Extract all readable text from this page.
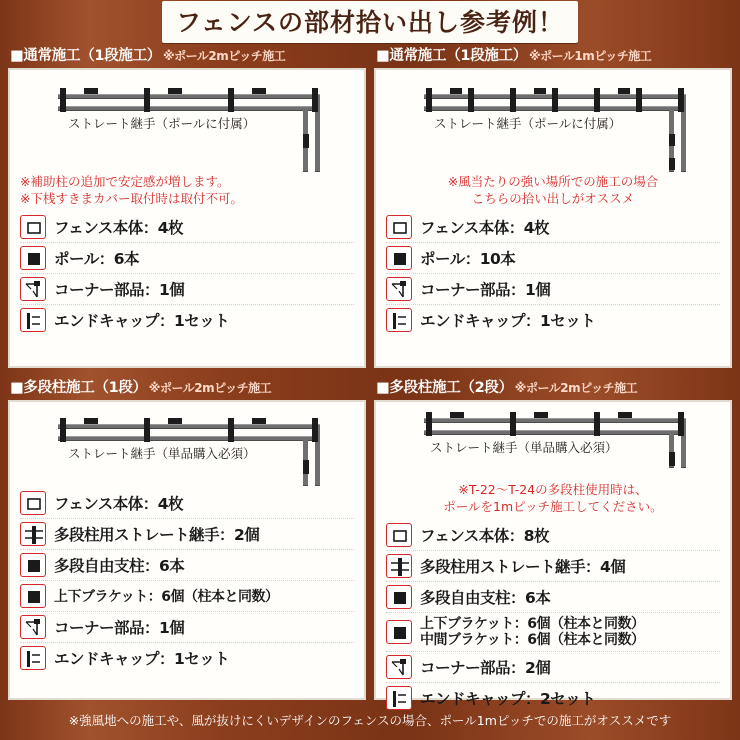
フェンスの部材拾い出し参考例！
■通常施工（1段施工） ※ポール2mピッチ施工
ストレート継手（ポールに付属）
※補助柱の追加で安定感が増します。
※下桟すきまカバー取付時は取付不可。
フェンス本体：4枚
ポール：6本
コーナー部品：1個
エンドキャップ：1セット
■通常施工（1段施工） ※ポール1mピッチ施工
ストレート継手（ポールに付属）
※風当たりの強い場所での施工の場合
こちらの拾い出しがオススメ
フェンス本体：4枚
ポール：10本
コーナー部品：1個
エンドキャップ：1セット
■多段柱施工（1段） ※ポール2mピッチ施工
ストレート継手（単品購入必須）
フェンス本体：4枚
多段柱用ストレート継手：2個
多段自由支柱：6本
上下ブラケット：6個（柱本と同数）
コーナー部品：1個
エンドキャップ：1セット
■多段柱施工（2段） ※ポール2mピッチ施工
ストレート継手（単品購入必須）
※T-22〜T-24の多段柱使用時は、
ポールを1mピッチ施工してください。
フェンス本体：8枚
多段柱用ストレート継手：4個
多段自由支柱：6本
上下ブラケット：6個（柱本と同数）
中間ブラケット：6個（柱本と同数）
コーナー部品：2個
エンドキャップ：2セット
※強風地への施工や、風が抜けにくいデザインのフェンスの場合、ポール1mピッチでの施工がオススメです
